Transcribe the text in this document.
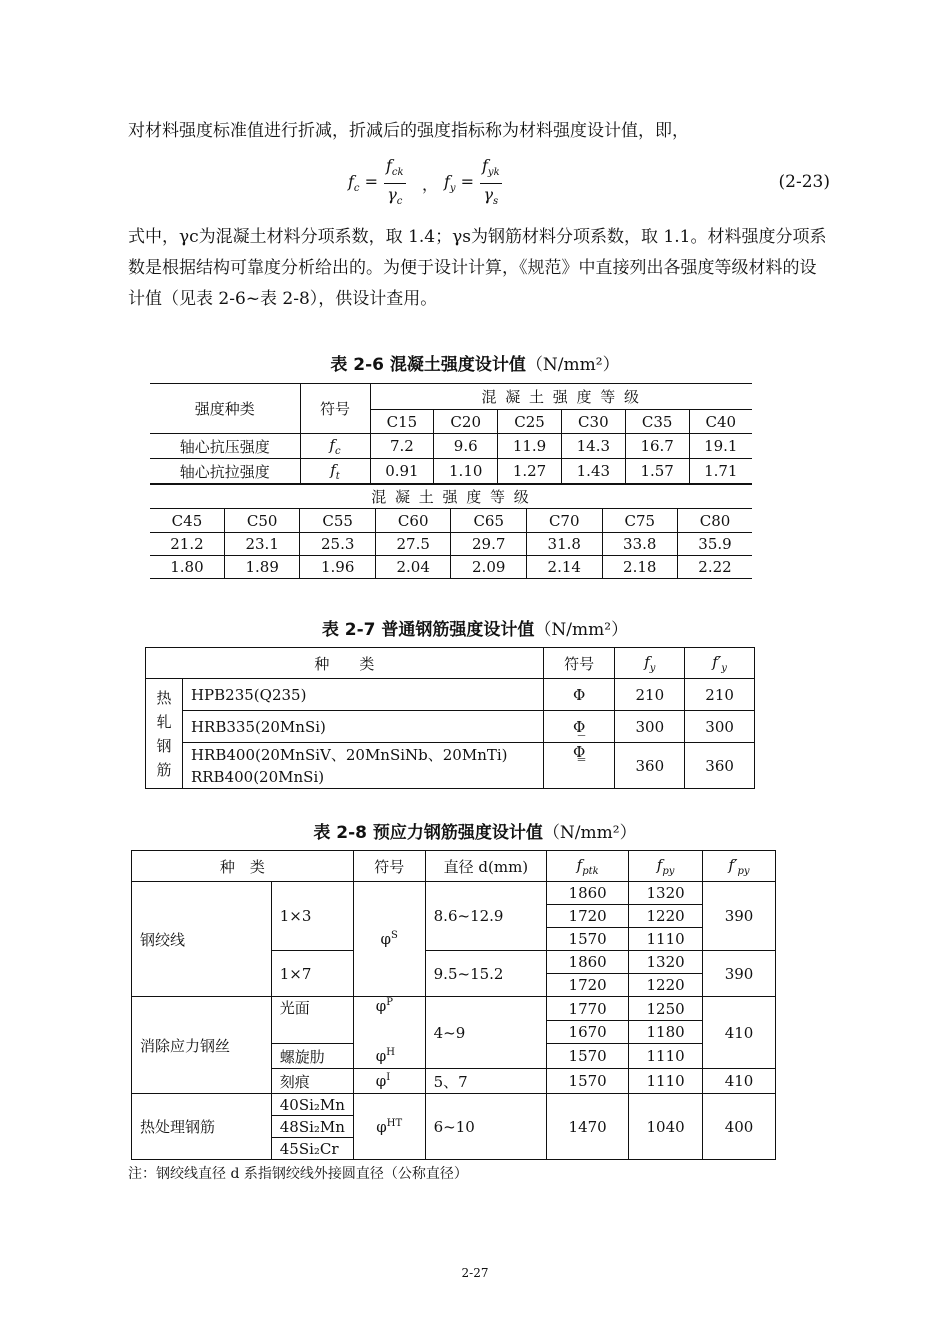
对材料强度标准值进行折减，折减后的强度指标称为材料强度设计值，即，
$f_c$ =
$f_{ck}$
$\gamma_c$
， $f_y$ =
$f_{yk}$
$\gamma_s$
(2-23)
式中，γc为混凝土材料分项系数，取 1.4；γs为钢筋材料分项系数，取 1.1。材料强度分项系数是根据结构可靠度分析给出的。为便于设计计算，《规范》中直接列出各强度等级材料的设计值（见表 2-6~表 2-8），供设计查用。
表 2-6 混凝土强度设计值（N/mm²）
强度种类	符号	混 凝 土 强 度 等 级					
		C15	C20	C25	C30	C35	C40
轴心抗压强度	$f_c$	7.2	9.6	11.9	14.3	16.7	19.1
轴心抗拉强度	$f_t$	0.91	1.10	1.27	1.43	1.57	1.71
混 凝 土 强 度 等 级							
C45	C50	C55	C60	C65	C70	C75	C80
21.2	23.1	25.3	27.5	29.7	31.8	33.8	35.9
1.80	1.89	1.96	2.04	2.09	2.14	2.18	2.22
表 2-7 普通钢筋强度设计值（N/mm²）
种　　类		符号	$f_y$	$f'_y$
热轧钢筋	HPB235(Q235)	Φ	210	210
	HRB335(20MnSi)	Φ̲	300	300
	HRB400(20MnSiV、20MnSiNb、20MnTi)
RRB400(20MnSi)	Φ̳	360	360
表 2-8 预应力钢筋强度设计值（N/mm²）
种　类		符号	直径 d(mm)	$f_{ptk}$	$f_{py}$	$f'_{py}$
钢绞线	1×3	$\varphi^S$	8.6~12.9	1860	1320	390
				1720	1220	
				1570	1110	
	1×7		9.5~15.2	1860	1320	390
				1720	1220	
消除应力钢丝	光面	$\varphi^P$	4~9	1770	1250	410
				1670	1180	
	螺旋肋	$\varphi^H$		1570	1110	
	刻痕	$\varphi^I$	5、7	1570	1110	410
热处理钢筋	40Si₂Mn	$\varphi^{HT}$	6~10	1470	1040	400
	48Si₂Mn					
	45Si₂Cr					
注：钢绞线直径 d 系指钢绞线外接圆直径（公称直径）
2-27
